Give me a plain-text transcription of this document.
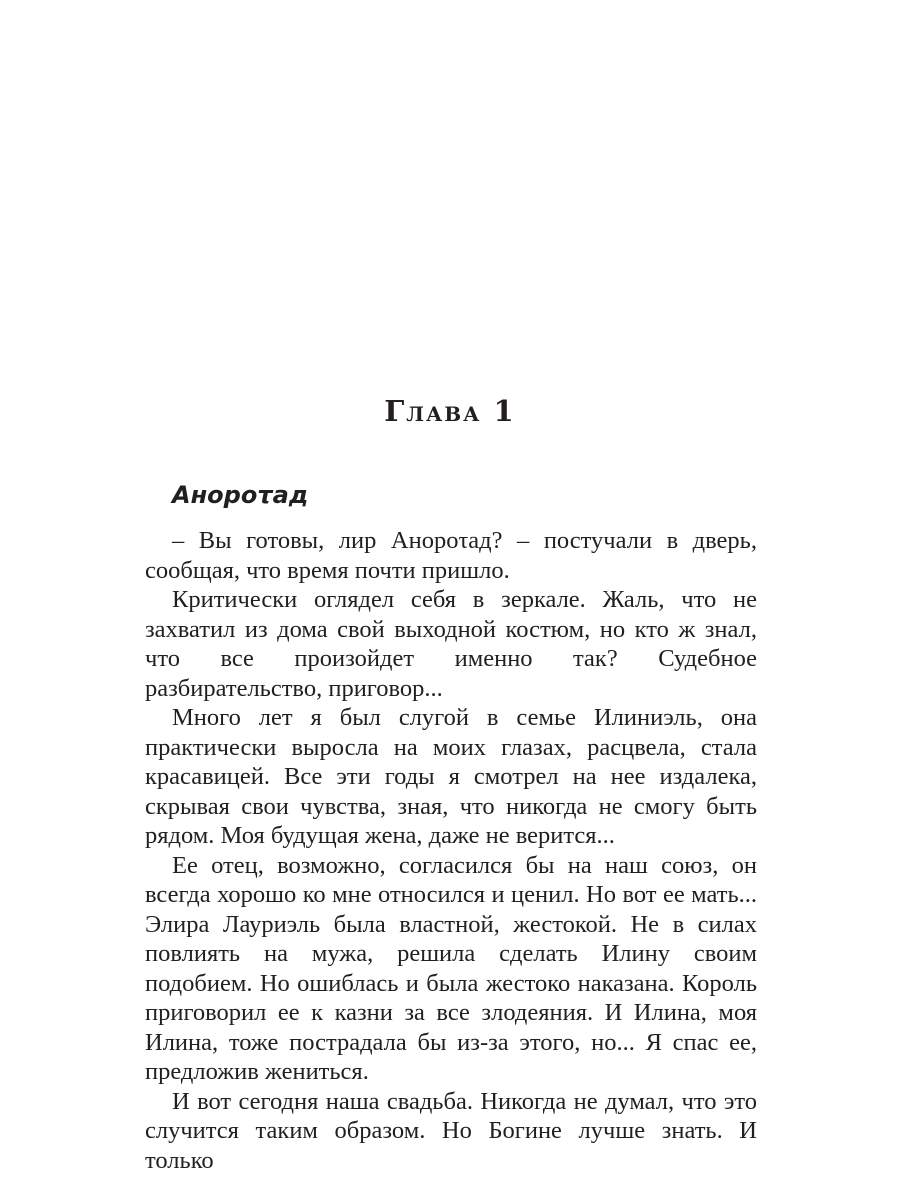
Глава 1
Анороτад

– Вы готовы, лир Анороτад? – постучали в дверь, сообщая, что время почти пришло.

Критически оглядел себя в зеркале. Жаль, что не захватил из дома свой выходной костюм, но кто ж знал, что все произойдет именно так? Судебное разбирательство, приговор...

Много лет я был слугой в семье Илиниэль, она практически выросла на моих глазах, расцвела, стала красавицей. Все эти годы я смотрел на нее издалека, скрывая свои чувства, зная, что никогда не смогу быть рядом. Моя будущая жена, даже не верится...

Ее отец, возможно, согласился бы на наш союз, он всегда хорошо ко мне относился и ценил. Но вот ее мать... Элира Лауриэль была властной, жестокой. Не в силах повлиять на мужа, решила сделать Илину своим подобием. Но ошиблась и была жестоко наказана. Король приговорил ее к казни за все злодеяния. И Илина, моя Илина, тоже пострадала бы из-за этого, но... Я спас ее, предложив жениться.

И вот сегодня наша свадьба. Никогда не думал, что это случится таким образом. Но Богине лучше знать. И только
